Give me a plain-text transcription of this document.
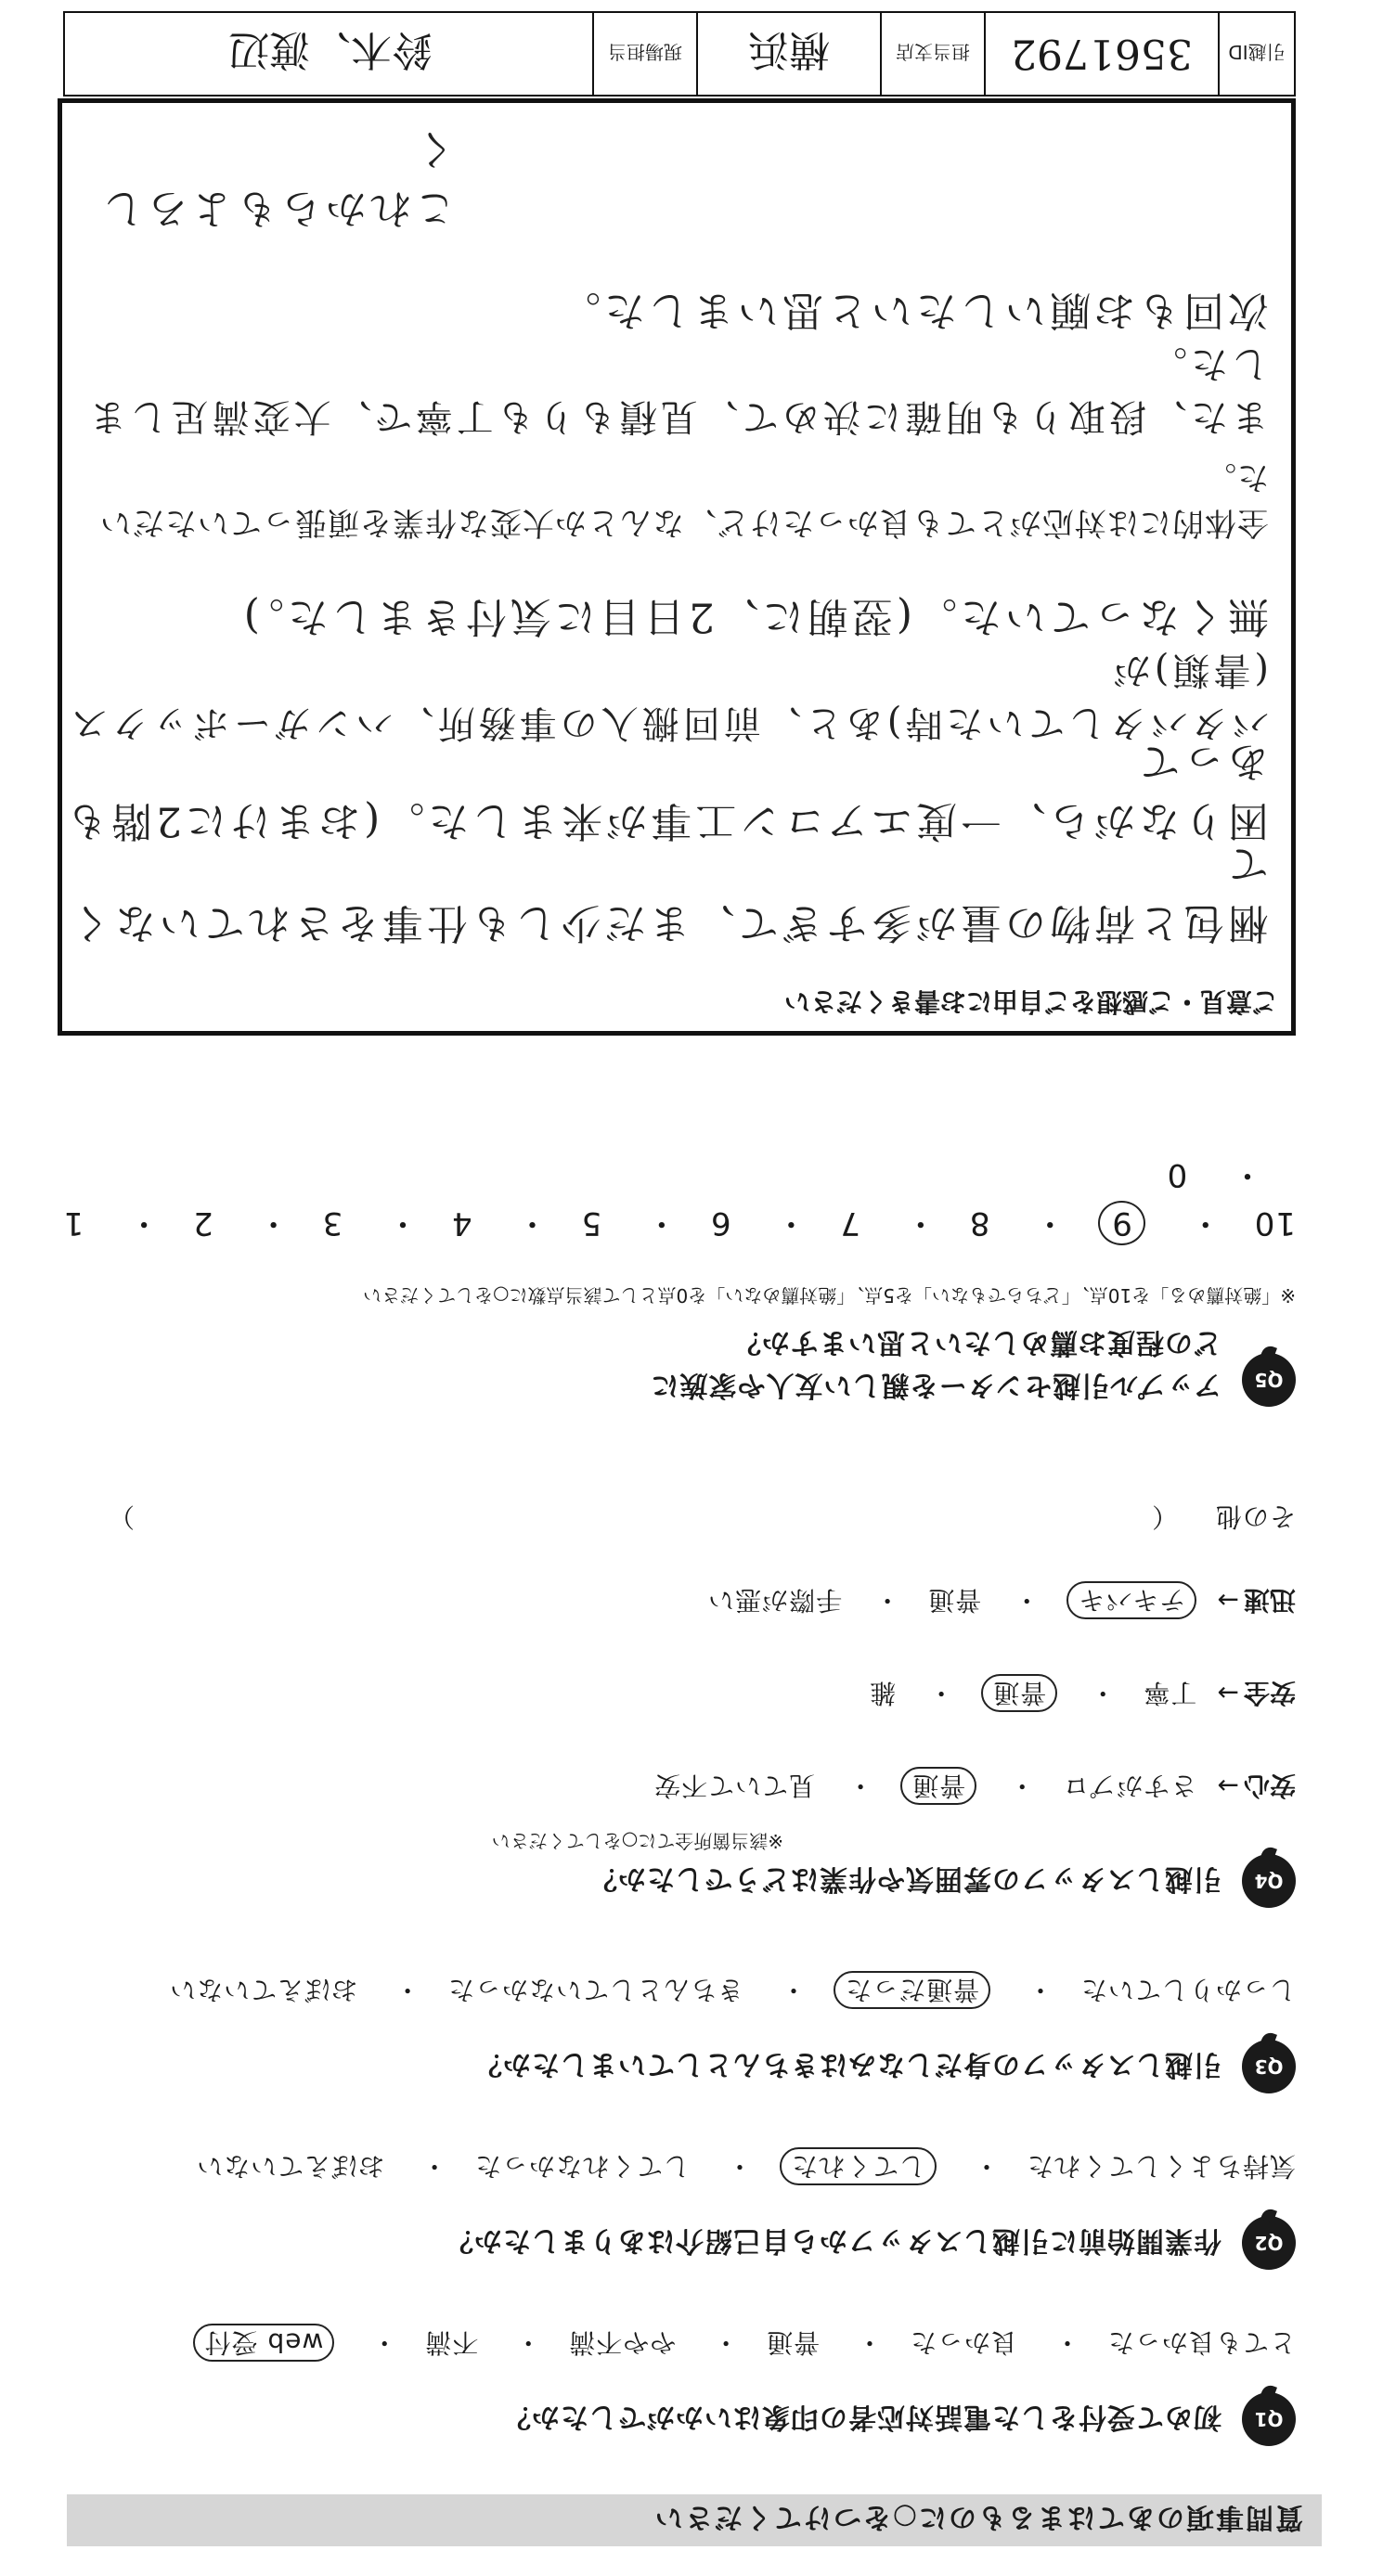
質問事項のあてはまるものに○をつけてください
Q1
初めて受付をした電話対応者の印象はいかがでしたか？
とても良かった　・　 良かった　・　 普通　・　 やや不満　・　 不満　・　 web 受付
Q2
作業開始前に引越しスタッフから自己紹介はありましたか？
気持ちよくしてくれた　・　 してくれた　・　 してくれなかった　・　 おぼえていない
Q3
引越しスタッフの身だしなみはきちんとしていましたか？
しっかりしていた　・　 普通だった　・　 きちんとしていなかった　・　 おぼえていない
Q4
引越しスタッフの雰囲気や作業はどうでしたか？
※該当箇所全てに○をしてください
安心 →　 さすがプロ　・　 普通　・　 見ていて不安
安全 →　 丁寧　・　 普通　・　 雑
迅速 →　 テキパキ　・　 普通　・　 手際が悪い
その他 （
）
Q5
アップル引越センターを親しい友人や家族に
どの程度お薦めしたいと思いますか？
※「絶対薦める」を10点、「どちらでもない」を5点、「絶対薦めない」を0点として該当点数に○をしてください
10　・　 9　・　 8　・　 7　・　 6　・　 5　・　 4　・　 3　・　 2　・　 1　・　 0
ご意見・ご感想をご自由にお書きください
梱包と荷物の量が多すぎて、まだ少しも仕事をされていなくて
困りながら、一度エアコン工事が来ました。(おまけに2階もあって
バタバタしていた時)あと、前回搬入の事務所、ハンガーボックス(書類)が
無くなっていた。(翌朝に、2日目に気付きました。)
全体的には対応がとても良かったけど、なんとか大変な作業を頑張っていただいた。
また、段取りも明確に決めて、見積もりも丁寧で、大変満足しました。
次回もお願いしたいと思いました。
これからもよろしく
引越ID
3561792
担当支店
横浜
現場担当
鈴木、渡辺
